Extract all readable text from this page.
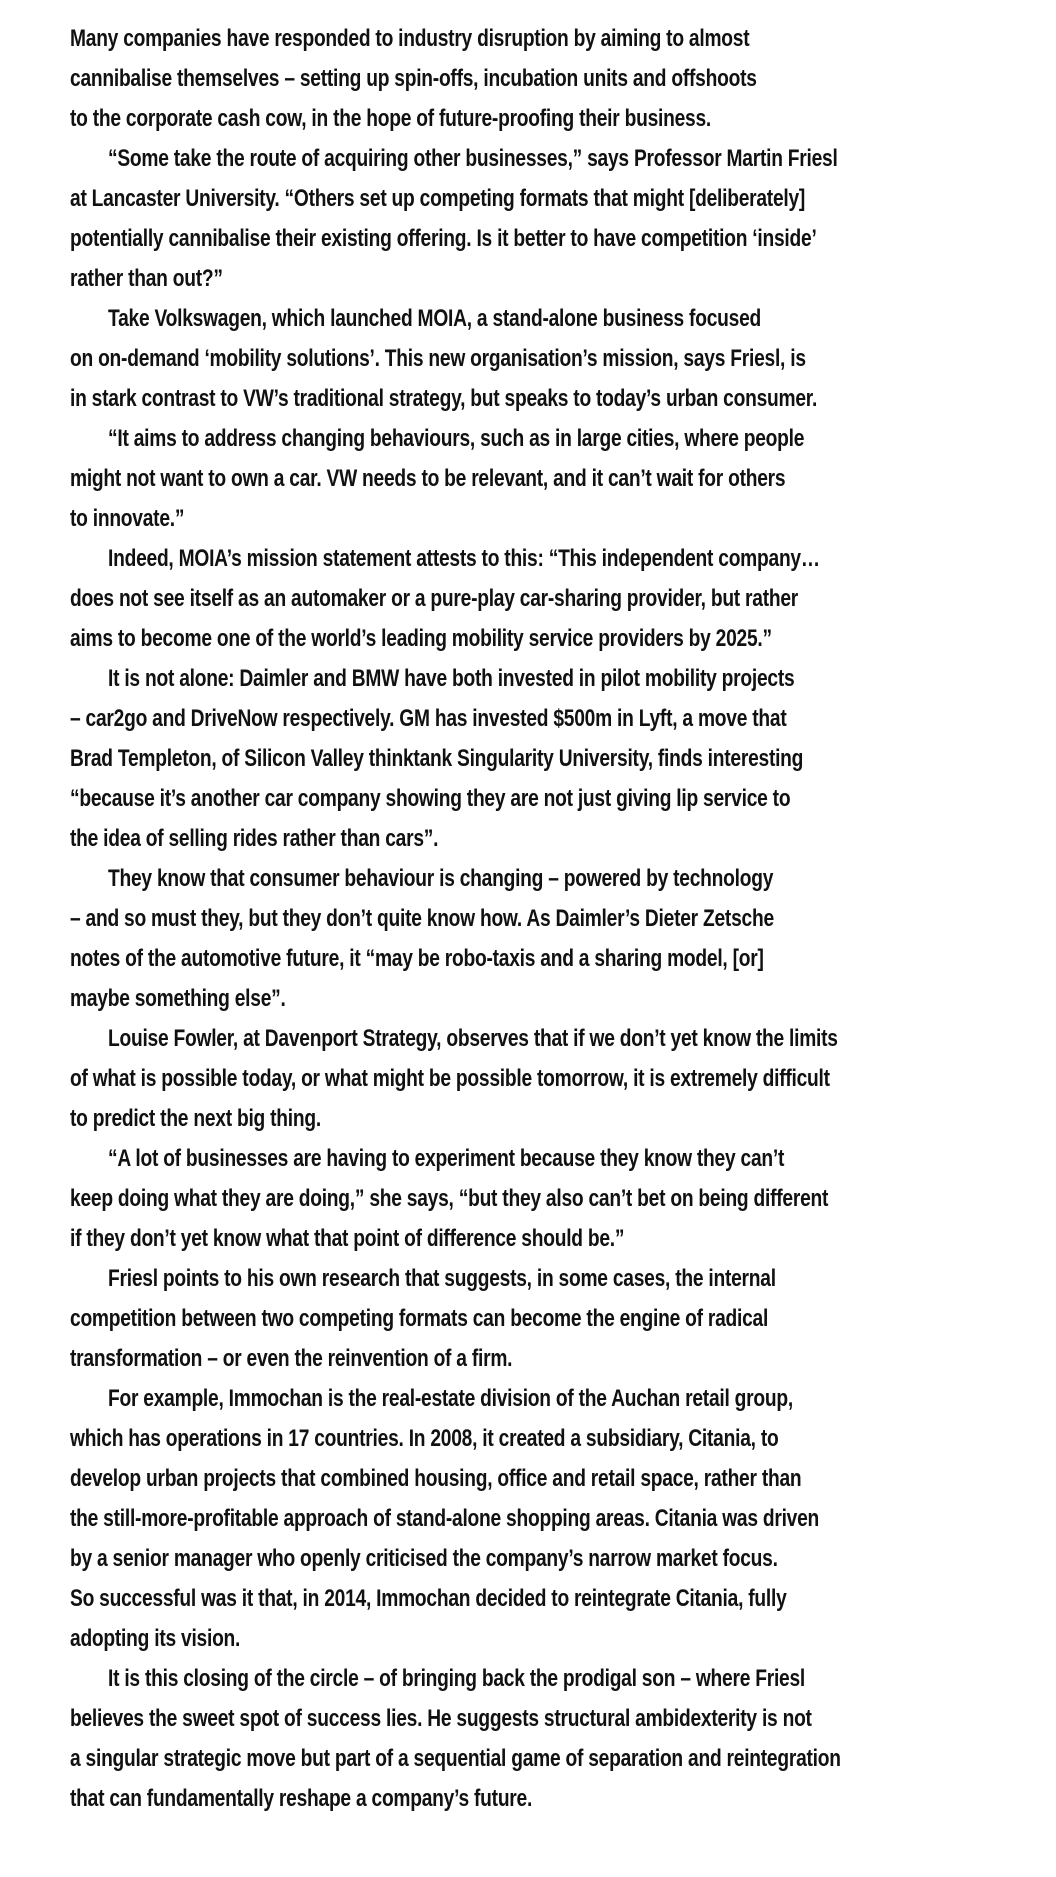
Many companies have responded to industry disruption by aiming to almost
cannibalise themselves – setting up spin-offs, incubation units and offshoots
to the corporate cash cow, in the hope of future-proofing their business.

“Some take the route of acquiring other businesses,” says Professor Martin Friesl
at Lancaster University. “Others set up competing formats that might [deliberately]
potentially cannibalise their existing offering. Is it better to have competition ‘inside’
rather than out?”

Take Volkswagen, which launched MOIA, a stand-alone business focused
on on-demand ‘mobility solutions’. This new organisation’s mission, says Friesl, is
in stark contrast to VW’s traditional strategy, but speaks to today’s urban consumer.

“It aims to address changing behaviours, such as in large cities, where people
might not want to own a car. VW needs to be relevant, and it can’t wait for others
to innovate.”

Indeed, MOIA’s mission statement attests to this: “This independent company…
does not see itself as an automaker or a pure-play car-sharing provider, but rather
aims to become one of the world’s leading mobility service providers by 2025.”

It is not alone: Daimler and BMW have both invested in pilot mobility projects
– car2go and DriveNow respectively. GM has invested $500m in Lyft, a move that
Brad Templeton, of Silicon Valley thinktank Singularity University, finds interesting
“because it’s another car company showing they are not just giving lip service to
the idea of selling rides rather than cars”.

They know that consumer behaviour is changing – powered by technology
– and so must they, but they don’t quite know how. As Daimler’s Dieter Zetsche
notes of the automotive future, it “may be robo-taxis and a sharing model, [or]
maybe something else”.

Louise Fowler, at Davenport Strategy, observes that if we don’t yet know the limits
of what is possible today, or what might be possible tomorrow, it is extremely difficult
to predict the next big thing.

“A lot of businesses are having to experiment because they know they can’t
keep doing what they are doing,” she says, “but they also can’t bet on being different
if they don’t yet know what that point of difference should be.”

Friesl points to his own research that suggests, in some cases, the internal
competition between two competing formats can become the engine of radical
transformation – or even the reinvention of a firm.

For example, Immochan is the real-estate division of the Auchan retail group,
which has operations in 17 countries. In 2008, it created a subsidiary, Citania, to
develop urban projects that combined housing, office and retail space, rather than
the still-more-profitable approach of stand-alone shopping areas. Citania was driven
by a senior manager who openly criticised the company’s narrow market focus.
So successful was it that, in 2014, Immochan decided to reintegrate Citania, fully
adopting its vision.

It is this closing of the circle – of bringing back the prodigal son – where Friesl
believes the sweet spot of success lies. He suggests structural ambidexterity is not
a singular strategic move but part of a sequential game of separation and reintegration
that can fundamentally reshape a company’s future.
